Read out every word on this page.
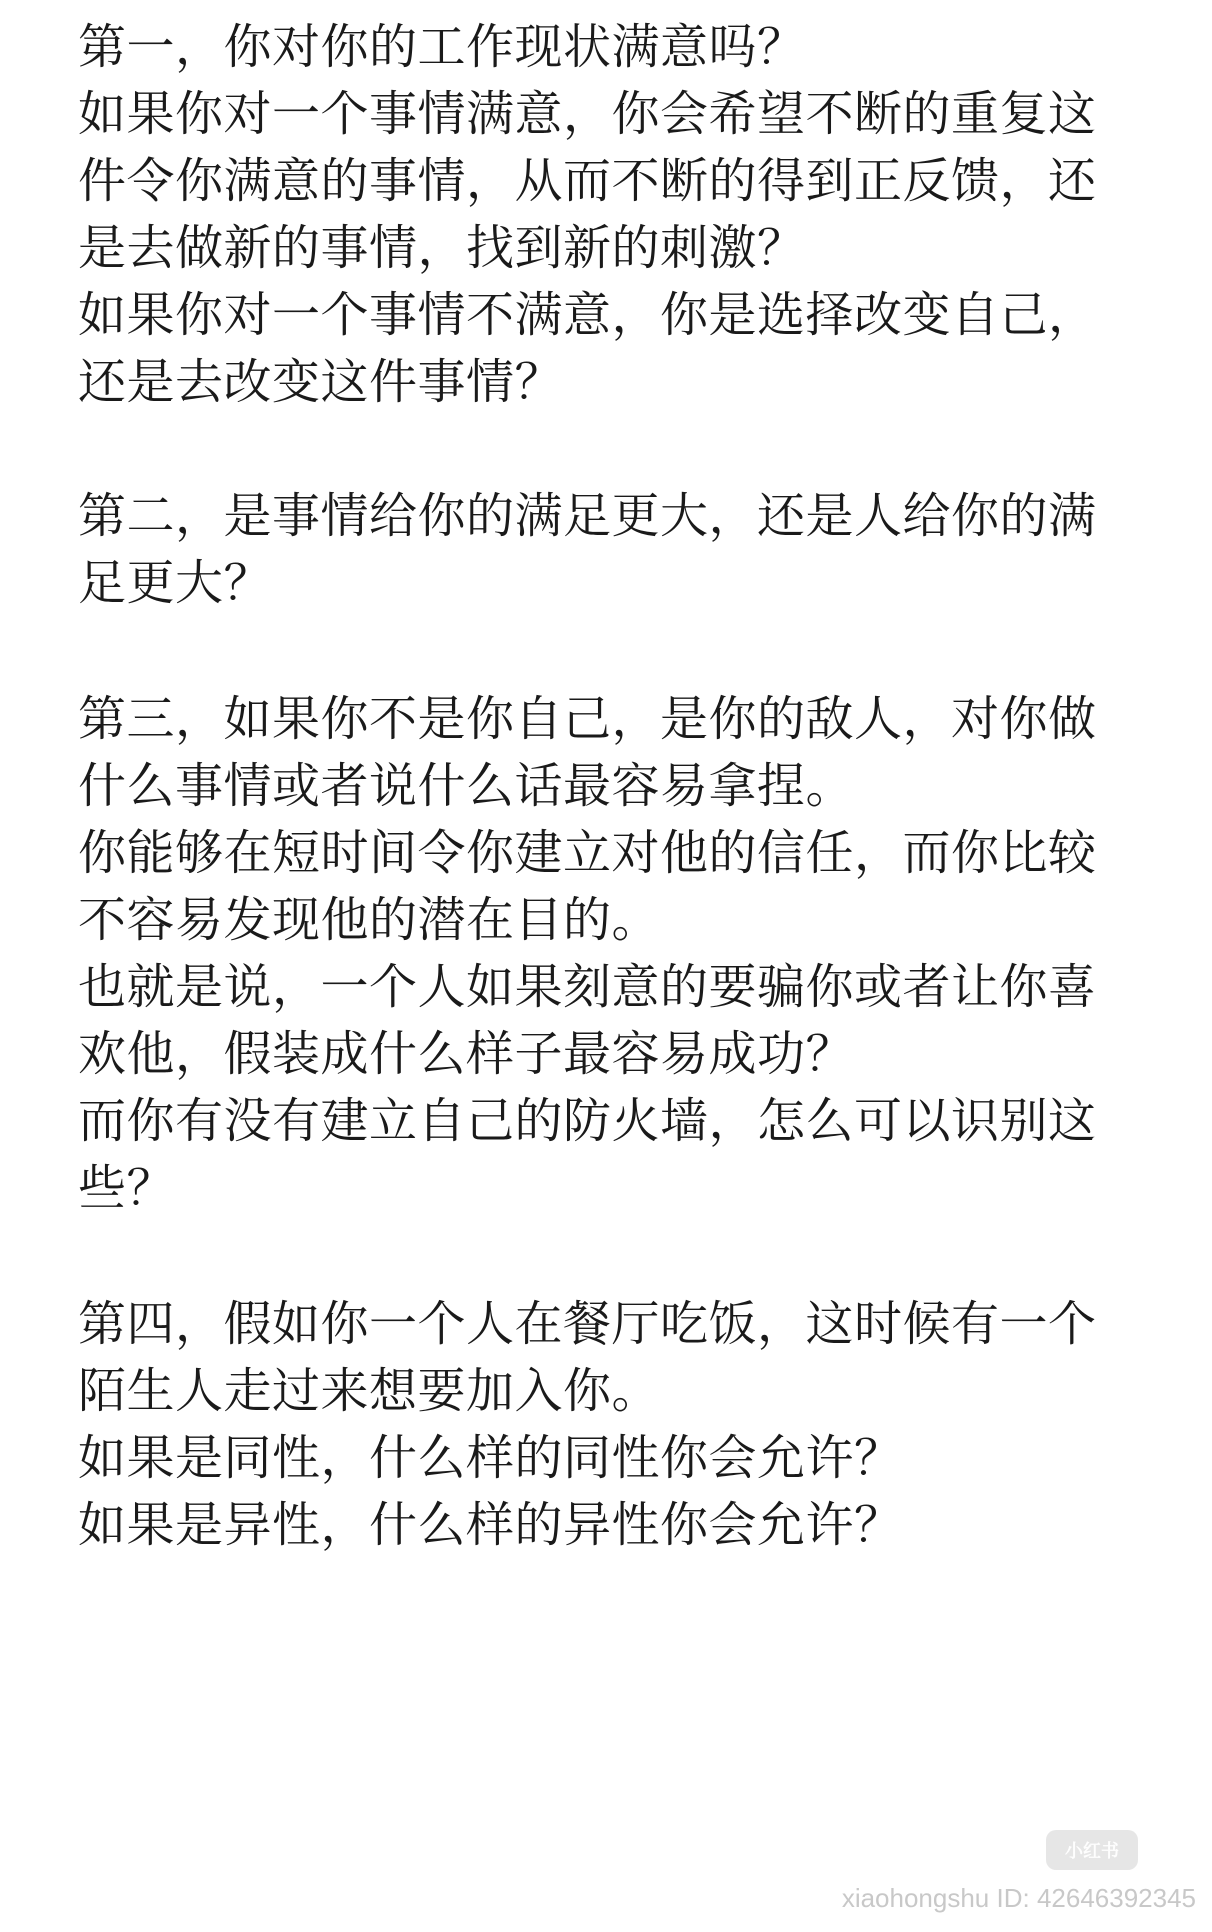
第一，你对你的工作现状满意吗？
如果你对一个事情满意，你会希望不断的重复这
件令你满意的事情，从而不断的得到正反馈，还
是去做新的事情，找到新的刺激？
如果你对一个事情不满意，你是选择改变自己，
还是去改变这件事情？
第二，是事情给你的满足更大，还是人给你的满
足更大？
第三，如果你不是你自己，是你的敌人，对你做
什么事情或者说什么话最容易拿捏。
你能够在短时间令你建立对他的信任，而你比较
不容易发现他的潜在目的。
也就是说，一个人如果刻意的要骗你或者让你喜
欢他，假装成什么样子最容易成功？
而你有没有建立自己的防火墙，怎么可以识别这
些？
第四，假如你一个人在餐厅吃饭，这时候有一个
陌生人走过来想要加入你。
如果是同性，什么样的同性你会允许？
如果是异性，什么样的异性你会允许？
小红书
xiaohongshu ID: 42646392345
